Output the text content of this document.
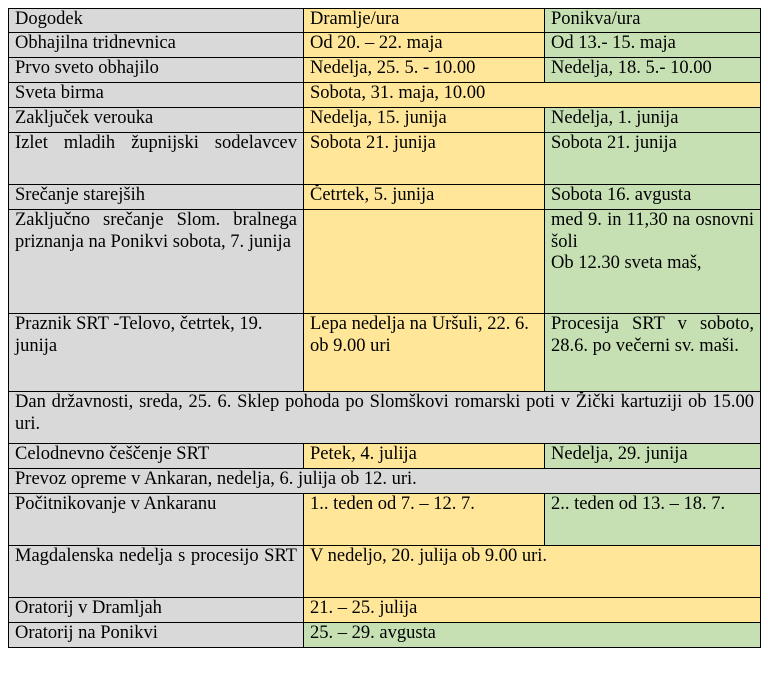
Dogodek	Dramlje/ura	Ponikva/ura
Obhajilna tridnevnica	Od 20. – 22. maja	Od 13.- 15. maja
Prvo sveto obhajilo	Nedelja, 25. 5. - 10.00	Nedelja, 18. 5.- 10.00
Sveta birma	Sobota, 31. maja, 10.00	
Zaključek verouka	Nedelja, 15. junija	Nedelja, 1. junija
Izlet mladih župnijski sodelavcev	Sobota 21. junija	Sobota 21. junija
Srečanje starejših	Četrtek, 5. junija	Sobota 16. avgusta
Zaključno srečanje Slom. bralnega priznanja na Ponikvi sobota, 7. junija		med 9. in 11,30 na osnovni šoli
Ob 12.30 sveta maš,
Praznik SRT -Telovo, četrtek, 19. junija	Lepa nedelja na Uršuli, 22. 6. ob 9.00 uri	Procesija SRT v soboto, 28.6. po večerni sv. maši.
Dan državnosti, sreda, 25. 6. Sklep pohoda po Slomškovi romarski poti v Žički kartuziji ob 15.00 uri.		
Celodnevno češčenje SRT	Petek, 4. julija	Nedelja, 29. junija
Prevoz opreme v Ankaran, nedelja, 6. julija ob 12. uri.		
Počitnikovanje v Ankaranu	1.. teden od 7. – 12. 7.	2.. teden od 13. – 18. 7.
Magdalenska nedelja s procesijo SRT	V nedeljo, 20. julija ob 9.00 uri.	
Oratorij v Dramljah	21. – 25. julija	
Oratorij na Ponikvi	25. – 29. avgusta	
